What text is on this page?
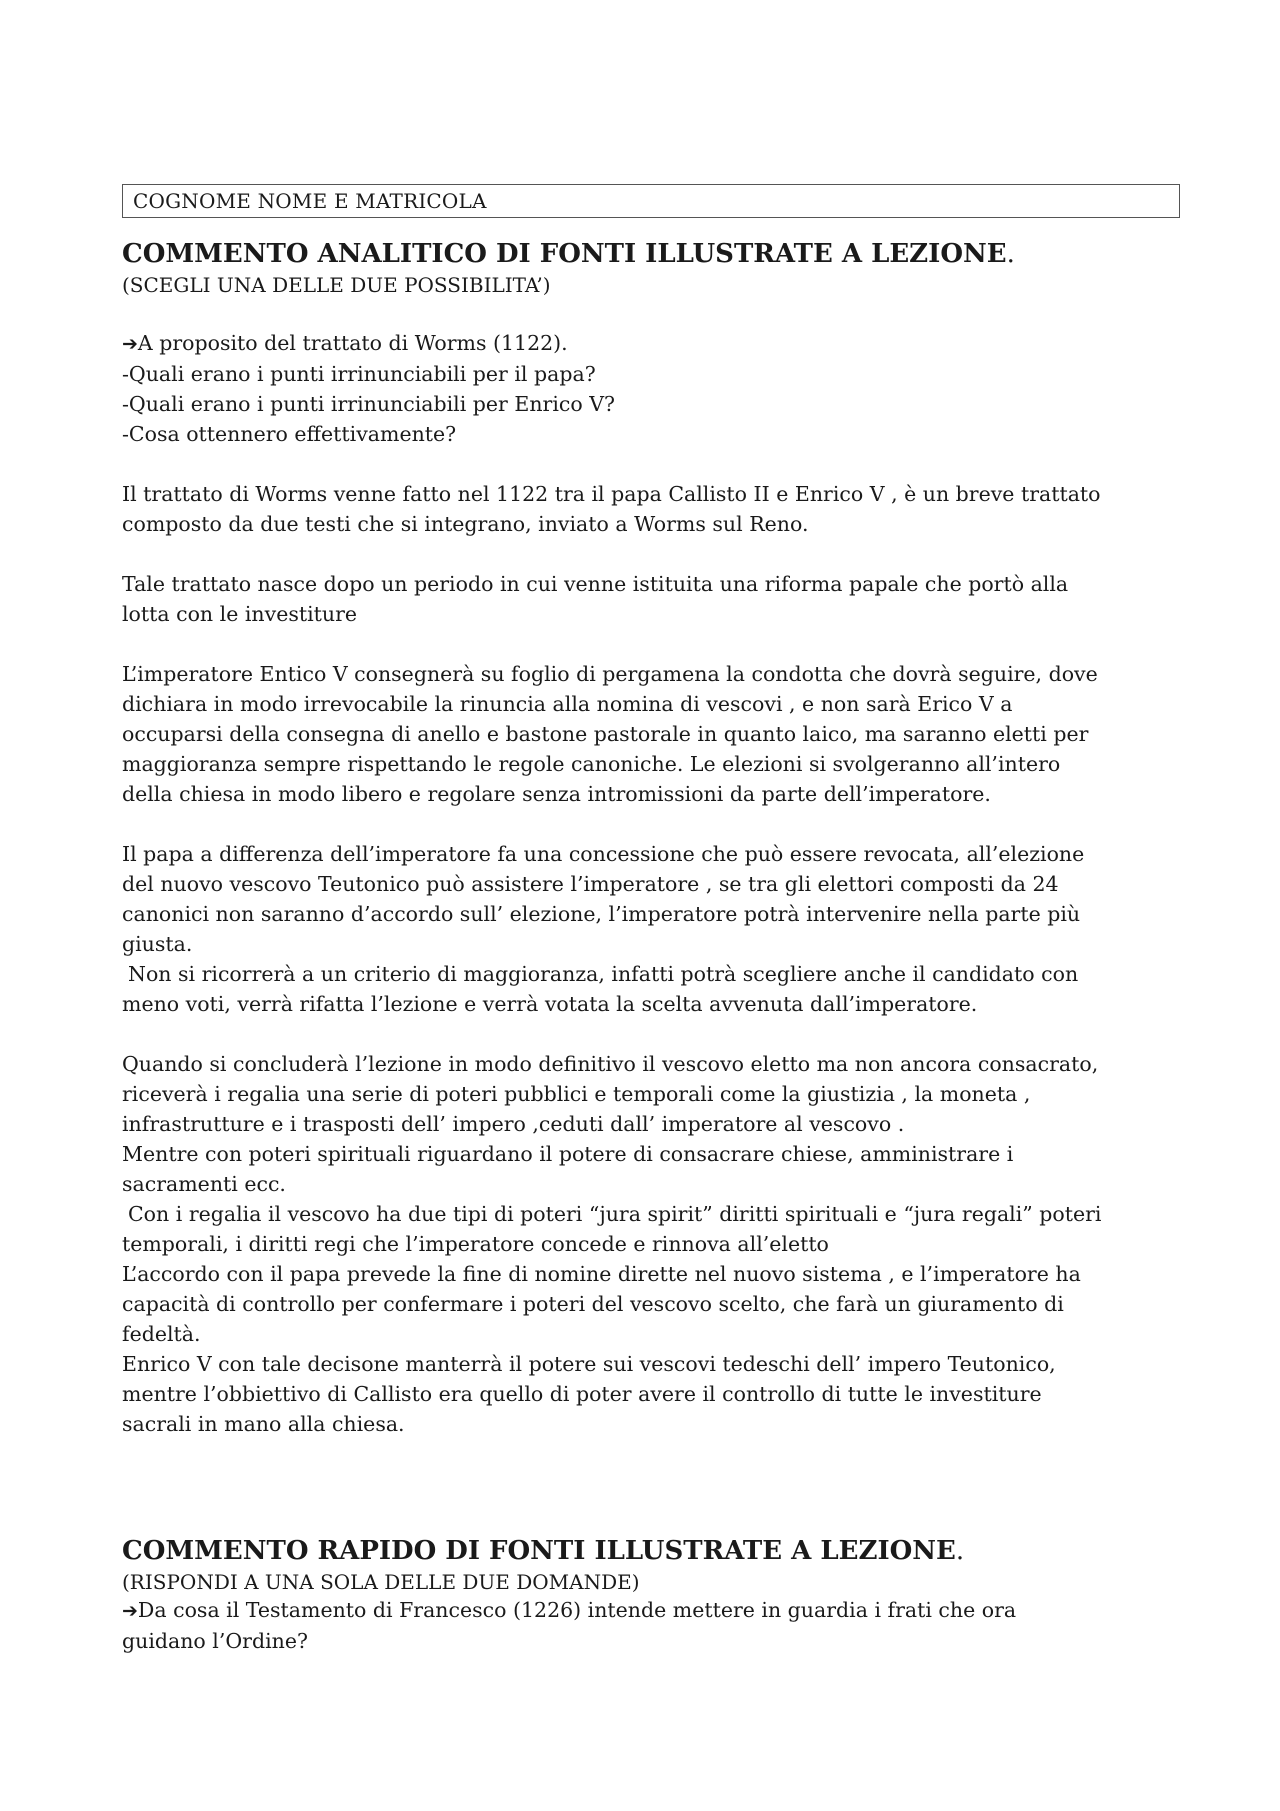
COGNOME NOME E MATRICOLA
COMMENTO ANALITICO DI FONTI ILLUSTRATE A LEZIONE.

(SCEGLI UNA DELLE DUE POSSIBILITA’)

➔A proposito del trattato di Worms (1122).

-Quali erano i punti irrinunciabili per il papa?

-Quali erano i punti irrinunciabili per Enrico V?

-Cosa ottennero effettivamente?

Il trattato di Worms venne fatto nel 1122 tra il papa Callisto II e Enrico V , è un breve trattato

composto da due testi che si integrano, inviato a Worms sul Reno.

Tale trattato nasce dopo un periodo in cui venne istituita una riforma papale che portò alla

lotta con le investiture

L’imperatore Entico V consegnerà su foglio di pergamena la condotta che dovrà seguire, dove

dichiara in modo irrevocabile la rinuncia alla nomina di vescovi , e non sarà Erico V a

occuparsi della consegna di anello e bastone pastorale in quanto laico, ma saranno eletti per

maggioranza sempre rispettando le regole canoniche. Le elezioni si svolgeranno all’intero

della chiesa in modo libero e regolare senza intromissioni da parte dell’imperatore.

Il papa a differenza dell’imperatore fa una concessione che può essere revocata, all’elezione

del nuovo vescovo Teutonico può assistere l’imperatore , se tra gli elettori composti da 24

canonici non saranno d’accordo sull’ elezione, l’imperatore potrà intervenire nella parte più

giusta.

Non si ricorrerà a un criterio di maggioranza, infatti potrà scegliere anche il candidato con

meno voti, verrà rifatta l’lezione e verrà votata la scelta avvenuta dall’imperatore.

Quando si concluderà l’lezione in modo definitivo il vescovo eletto ma non ancora consacrato,

riceverà i regalia una serie di poteri pubblici e temporali come la giustizia , la moneta ,

infrastrutture e i trasposti dell’ impero ,ceduti dall’ imperatore al vescovo .

Mentre con poteri spirituali riguardano il potere di consacrare chiese, amministrare i

sacramenti ecc.

Con i regalia il vescovo ha due tipi di poteri “jura spirit” diritti spirituali e “jura regali” poteri

temporali, i diritti regi che l’imperatore concede e rinnova all’eletto

L’accordo con il papa prevede la fine di nomine dirette nel nuovo sistema , e l’imperatore ha

capacità di controllo per confermare i poteri del vescovo scelto, che farà un giuramento di

fedeltà.

Enrico V con tale decisone manterrà il potere sui vescovi tedeschi dell’ impero Teutonico,

mentre l’obbiettivo di Callisto era quello di poter avere il controllo di tutte le investiture

sacrali in mano alla chiesa.

COMMENTO RAPIDO DI FONTI ILLUSTRATE A LEZIONE.

(RISPONDI A UNA SOLA DELLE DUE DOMANDE)

➔Da cosa il Testamento di Francesco (1226) intende mettere in guardia i frati che ora

guidano l’Ordine?
